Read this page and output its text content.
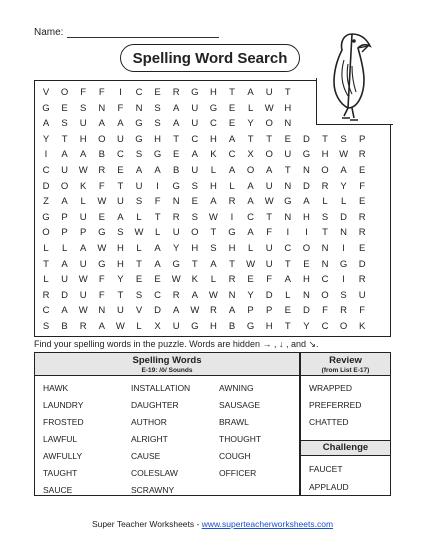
Name:
Spelling Word Search
V	O	F	F	I	C	E	R	G	H	T	A	U	T
G	E	S	N	F	N	S	A	U	G	E	L	W	H
A	S	U	A	A	G	S	A	U	C	E	Y	O	N
Y	T	H	O	U	G	H	T	C	H	A	T	T	E	D	T	S	P
I	A	A	B	C	S	G	E	A	K	C	X	O	U	G	H	W	R
C	U	W	R	E	A	A	B	U	L	A	O	A	T	N	O	A	E
D	O	K	F	T	U	I	G	S	H	L	A	U	N	D	R	Y	F
Z	A	L	W	U	S	F	N	E	A	R	A	W	G	A	L	L	E
G	P	U	E	A	L	T	R	S	W	I	C	T	N	H	S	D	R
O	P	P	G	S	W	L	U	O	T	G	A	F	I	I	T	N	R
L	L	A	W	H	L	A	Y	H	S	H	L	U	C	O	N	I	E
T	A	U	G	H	T	A	G	T	A	T	W	U	T	E	N	G	D
L	U	W	F	Y	E	E	W	K	L	R	E	F	A	H	C	I	R
R	D	U	F	T	S	C	R	A	W	N	Y	D	L	N	O	S	U
C	A	W	N	U	V	D	A	W	R	A	P	P	E	D	F	R	F
S	B	R	A	W	L	X	U	G	H	B	G	H	T	Y	C	O	K
Find your spelling words in the puzzle. Words are hidden → , ↓ , and ↘.
Spelling Words
E-19: /ô/ Sounds
Review
(from List E-17)
HAWK
LAUNDRY
FROSTED
LAWFUL
AWFULLY
TAUGHT
SAUCE
INSTALLATION
DAUGHTER
AUTHOR
ALRIGHT
CAUSE
COLESLAW
SCRAWNY
AWNING
SAUSAGE
BRAWL
THOUGHT
COUGH
OFFICER
WRAPPED
PREFERRED
CHATTED
Challenge
FAUCET
APPLAUD
Super Teacher Worksheets - www.superteacherworksheets.com
